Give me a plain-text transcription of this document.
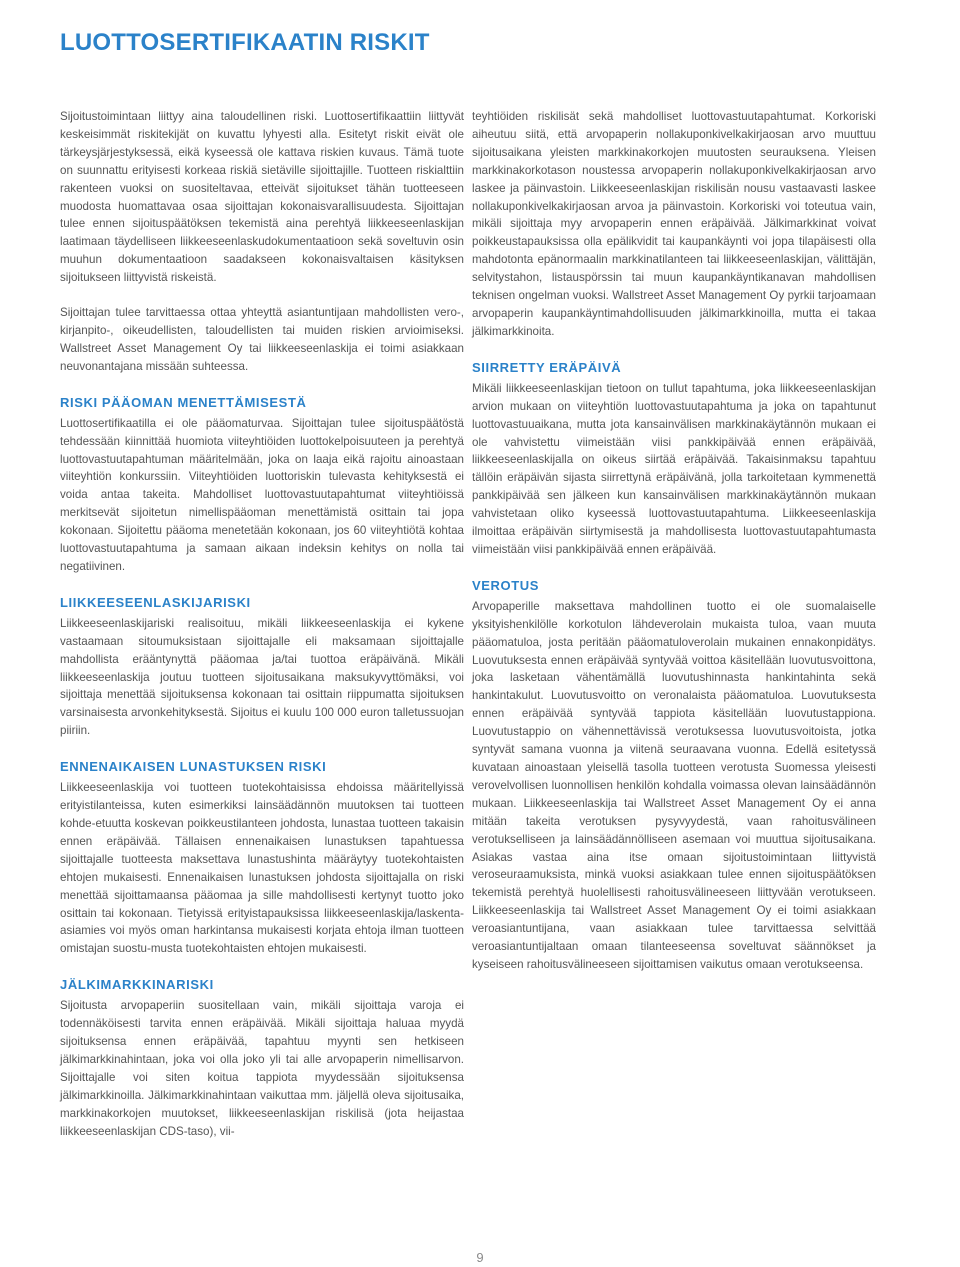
LUOTTOSERTIFIKAATIN RISKIT

Sijoitustoimintaan liittyy aina taloudellinen riski. Luottosertifikaattiin liittyvät keskeisimmät riskitekijät on kuvattu lyhyesti alla. Esitetyt riskit eivät ole tärkeysjärjestyksessä, eikä kyseessä ole kattava riskien kuvaus. Tämä tuote on suunnattu erityisesti korkeaa riskiä sietäville sijoittajille. Tuotteen riskialttiin rakenteen vuoksi on suositeltavaa, etteivät sijoitukset tähän tuotteeseen muodosta huomattavaa osaa sijoittajan kokonaisvarallisuudesta. Sijoittajan tulee ennen sijoituspäätöksen tekemistä aina perehtyä liikkeeseenlaskijan laatimaan täydelliseen liikkeeseenlaskudokumentaatioon sekä soveltuvin osin muuhun dokumentaatioon saadakseen kokonaisvaltaisen käsityksen sijoitukseen liittyvistä riskeistä.

Sijoittajan tulee tarvittaessa ottaa yhteyttä asiantuntijaan mahdollisten vero-, kirjanpito-, oikeudellisten, taloudellisten tai muiden riskien arvioimiseksi. Wallstreet Asset Management Oy tai liikkeeseenlaskija ei toimi asiakkaan neuvonantajana missään suhteessa.

RISKI PÄÄOMAN MENETTÄMISESTÄ

Luottosertifikaatilla ei ole pääomaturvaa. Sijoittajan tulee sijoituspäätöstä tehdessään kiinnittää huomiota viiteyhtiöiden luottokelpoisuuteen ja perehtyä luottovastuutapahtuman määritelmään, joka on laaja eikä rajoitu ainoastaan viiteyhtiön konkurssiin. Viiteyhtiöiden luottoriskin tulevasta kehityksestä ei voida antaa takeita. Mahdolliset luottovastuutapahtumat viiteyhtiöissä merkitsevät sijoitetun nimellispääoman menettämistä osittain tai jopa kokonaan. Sijoitettu pääoma menetetään kokonaan, jos 60 viiteyhtiötä kohtaa luottovastuutapahtuma ja samaan aikaan indeksin kehitys on nolla tai negatiivinen.

LIIKKEESEENLASKIJARISKI

Liikkeeseenlaskijariski realisoituu, mikäli liikkeeseenlaskija ei kykene vastaamaan sitoumuksistaan sijoittajalle eli maksamaan sijoittajalle mahdollista erääntynyttä pääomaa ja/tai tuottoa eräpäivänä. Mikäli liikkeeseenlaskija joutuu tuotteen sijoitusaikana maksukyvyttömäksi, voi sijoittaja menettää sijoituksensa kokonaan tai osittain riippumatta sijoituksen varsinaisesta arvonkehityksestä. Sijoitus ei kuulu 100 000 euron talletussuojan piiriin.

ENNENAIKAISEN LUNASTUKSEN RISKI

Liikkeeseenlaskija voi tuotteen tuotekohtaisissa ehdoissa määritellyissä erityistilanteissa, kuten esimerkiksi lainsäädännön muutoksen tai tuotteen kohde-etuutta koskevan poikkeustilanteen johdosta, lunastaa tuotteen takaisin ennen eräpäivää. Tällaisen ennenaikaisen lunastuksen tapahtuessa sijoittajalle tuotteesta maksettava lunastushinta määräytyy tuotekohtaisten ehtojen mukaisesti. Ennenaikaisen lunastuksen johdosta sijoittajalla on riski menettää sijoittamaansa pääomaa ja sille mahdollisesti kertynyt tuotto joko osittain tai kokonaan. Tietyissä erityistapauksissa liikkeeseenlaskija/laskenta-asiamies voi myös oman harkintansa mukaisesti korjata ehtoja ilman tuotteen omistajan suostu-musta tuotekohtaisten ehtojen mukaisesti.

JÄLKIMARKKINARISKI

Sijoitusta arvopaperiin suositellaan vain, mikäli sijoittaja varoja ei todennäköisesti tarvita ennen eräpäivää. Mikäli sijoittaja haluaa myydä sijoituksensa ennen eräpäivää, tapahtuu myynti sen hetkiseen jälkimarkkinahintaan, joka voi olla joko yli tai alle arvopaperin nimellisarvon. Sijoittajalle voi siten koitua tappiota myydessään sijoituksensa jälkimarkkinoilla. Jälkimarkkinahintaan vaikuttaa mm. jäljellä oleva sijoitusaika, markkinakorkojen muutokset, liikkeeseenlaskijan riskilisä (jota heijastaa liikkeeseenlaskijan CDS-taso), vii-

teyhtiöiden riskilisät sekä mahdolliset luottovastuutapahtumat. Korkoriski aiheutuu siitä, että arvopaperin nollakuponkivelkakirjaosan arvo muuttuu sijoitusaikana yleisten markkinakorkojen muutosten seurauksena. Yleisen markkinakorkotason noustessa arvopaperin nollakuponkivelkakirjaosan arvo laskee ja päinvastoin. Liikkeeseenlaskijan riskilisän nousu vastaavasti laskee nollakuponkivelkakirjaosan arvoa ja päinvastoin. Korkoriski voi toteutua vain, mikäli sijoittaja myy arvopaperin ennen eräpäivää. Jälkimarkkinat voivat poikkeustapauksissa olla epälikvidit tai kaupankäynti voi jopa tilapäisesti olla mahdotonta epänormaalin markkinatilanteen tai liikkeeseenlaskijan, välittäjän, selvitystahon, listauspörssin tai muun kaupankäyntikanavan mahdollisen teknisen ongelman vuoksi. Wallstreet Asset Management Oy pyrkii tarjoamaan arvopaperin kaupankäyntimahdollisuuden jälkimarkkinoilla, mutta ei takaa jälkimarkkinoita.

SIIRRETTY ERÄPÄIVÄ

Mikäli liikkeeseenlaskijan tietoon on tullut tapahtuma, joka liikkeeseenlaskijan arvion mukaan on viiteyhtiön luottovastuutapahtuma ja joka on tapahtunut luottovastuuaikana, mutta jota kansainvälisen markkinakäytännön mukaan ei ole vahvistettu viimeistään viisi pankkipäivää ennen eräpäivää, liikkeeseenlaskijalla on oikeus siirtää eräpäivää. Takaisinmaksu tapahtuu tällöin eräpäivän sijasta siirrettynä eräpäivänä, jolla tarkoitetaan kymmenettä pankkipäivää sen jälkeen kun kansainvälisen markkinakäytännön mukaan vahvistetaan oliko kyseessä luottovastuutapahtuma. Liikkeeseenlaskija ilmoittaa eräpäivän siirtymisestä ja mahdollisesta luottovastuutapahtumasta viimeistään viisi pankkipäivää ennen eräpäivää.

VEROTUS

Arvopaperille maksettava mahdollinen tuotto ei ole suomalaiselle yksityishenkilölle korkotulon lähdeverolain mukaista tuloa, vaan muuta pääomatuloa, josta peritään pääomatuloverolain mukainen ennakonpidätys. Luovutuksesta ennen eräpäivää syntyvää voittoa käsitellään luovutusvoittona, joka lasketaan vähentämällä luovutushinnasta hankintahinta sekä hankintakulut. Luovutusvoitto on veronalaista pääomatuloa. Luovutuksesta ennen eräpäivää syntyvää tappiota käsitellään luovutustappiona. Luovutustappio on vähennettävissä verotuksessa luovutusvoitoista, jotka syntyvät samana vuonna ja viitenä seuraavana vuonna. Edellä esitetyssä kuvataan ainoastaan yleisellä tasolla tuotteen verotusta Suomessa yleisesti verovelvollisen luonnollisen henkilön kohdalla voimassa olevan lainsäädännön mukaan. Liikkeeseenlaskija tai Wallstreet Asset Management Oy ei anna mitään takeita verotuksen pysyvyydestä, vaan rahoitusvälineen verotukselliseen ja lainsäädännölliseen asemaan voi muuttua sijoitusaikana. Asiakas vastaa aina itse omaan sijoitustoimintaan liittyvistä veroseuraamuksista, minkä vuoksi asiakkaan tulee ennen sijoituspäätöksen tekemistä perehtyä huolellisesti rahoitusvälineeseen liittyvään verotukseen. Liikkeeseenlaskija tai Wallstreet Asset Management Oy ei toimi asiakkaan veroasiantuntijana, vaan asiakkaan tulee tarvittaessa selvittää veroasiantuntijaltaan omaan tilanteeseensa soveltuvat säännökset ja kyseiseen rahoitusvälineeseen sijoittamisen vaikutus omaan verotukseensa.

9
